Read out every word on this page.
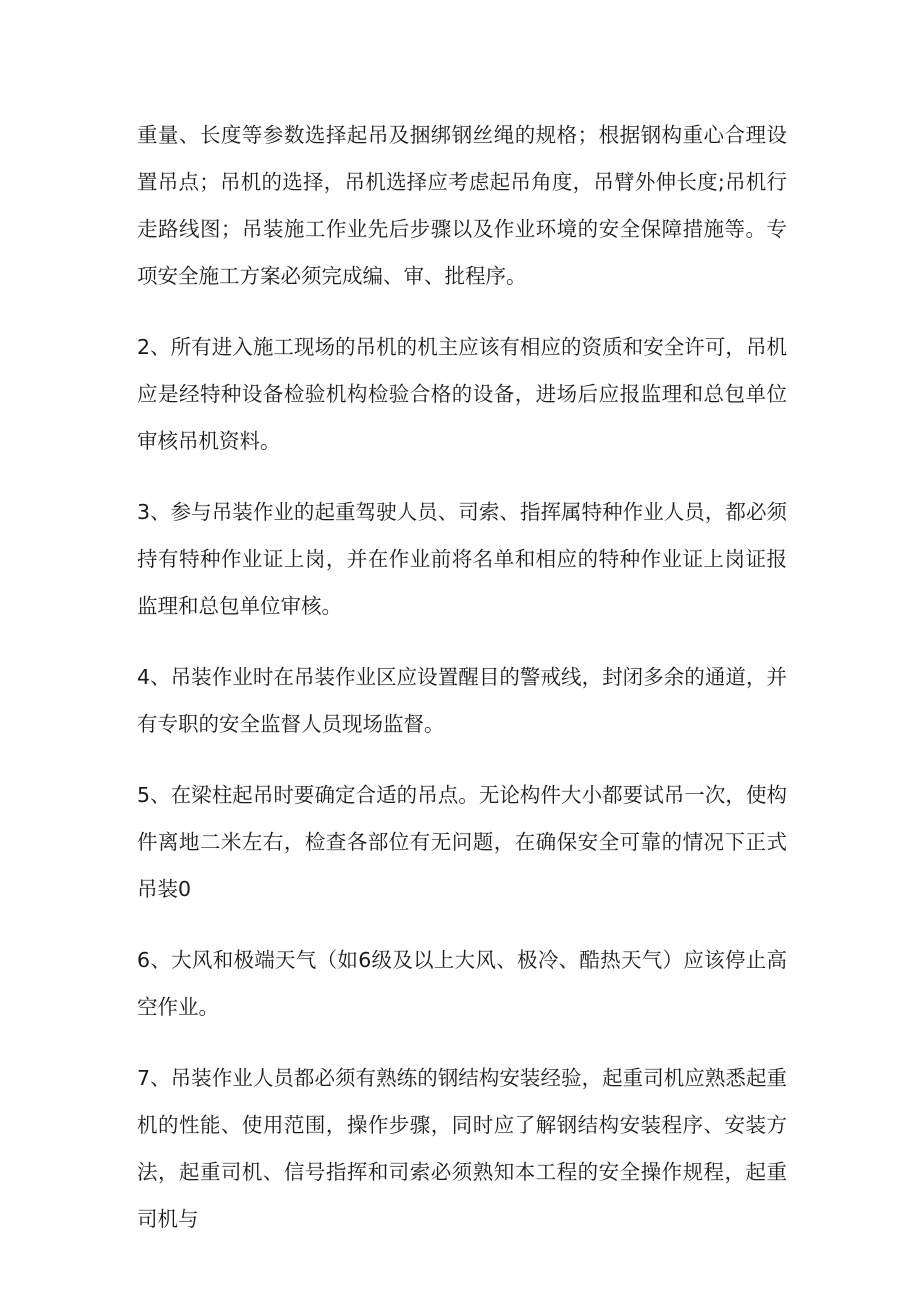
重量、长度等参数选择起吊及捆绑钢丝绳的规格；根据钢构重心合理设置吊点；吊机的选择，吊机选择应考虑起吊角度，吊臂外伸长度;吊机行走路线图；吊装施工作业先后步骤以及作业环境的安全保障措施等。专项安全施工方案必须完成编、审、批程序。

2、所有进入施工现场的吊机的机主应该有相应的资质和安全许可，吊机应是经特种设备检验机构检验合格的设备，进场后应报监理和总包单位审核吊机资料。

3、参与吊装作业的起重驾驶人员、司索、指挥属特种作业人员，都必须持有特种作业证上岗，并在作业前将名单和相应的特种作业证上岗证报监理和总包单位审核。

4、吊装作业时在吊装作业区应设置醒目的警戒线，封闭多余的通道，并有专职的安全监督人员现场监督。

5、在梁柱起吊时要确定合适的吊点。无论构件大小都要试吊一次，使构件离地二米左右，检查各部位有无问题，在确保安全可靠的情况下正式吊装0

6、大风和极端天气（如6级及以上大风、极冷、酷热天气）应该停止高空作业。

7、吊装作业人员都必须有熟练的钢结构安装经验，起重司机应熟悉起重机的性能、使用范围，操作步骤，同时应了解钢结构安装程序、安装方法，起重司机、信号指挥和司索必须熟知本工程的安全操作规程，起重司机与
